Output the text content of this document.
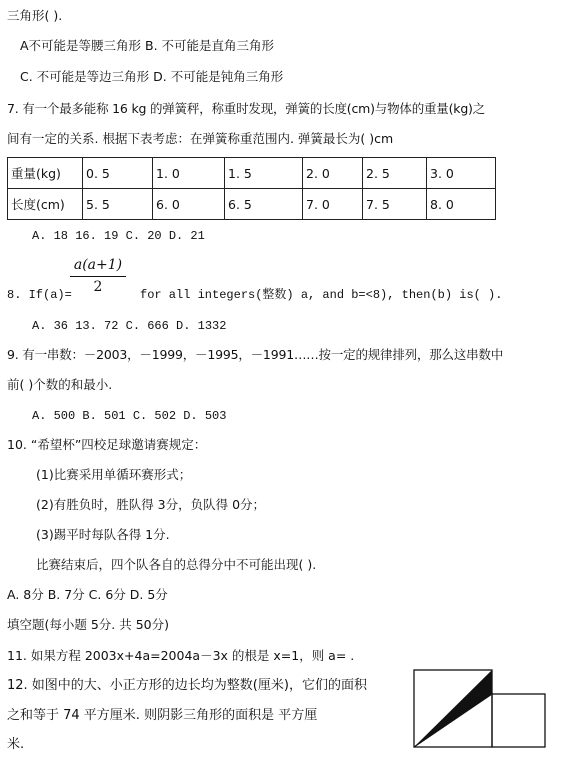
三角形( ).
A不可能是等腰三角形 B. 不可能是直角三角形
C. 不可能是等边三角形 D. 不可能是钝角三角形
7. 有一个最多能称 16 kg 的弹簧秤，称重时发现，弹簧的长度(cm)与物体的重量(kg)之
间有一定的关系. 根据下表考虑：在弹簧称重范围内. 弹簧最长为( )cm
重量(kg)	0. 5	1. 0	1. 5	2. 0	2. 5	3. 0
长度(cm)	5. 5	6. 0	6. 5	7. 0	7. 5	8. 0
A. 18 16. 19 C. 20 D. 21
$\frac{a(a+1)}{2}$
8. If(a)=	for all integers(整数) a, and b=<8), then(b) is( ).
A. 36 13. 72 C. 666 D. 1332
9. 有一串数：－2003，－1999，－1995，－1991……按一定的规律排列，那么这串数中
前( )个数的和最小.
A. 500 B. 501 C. 502 D. 503
10. “希望杯”四校足球邀请赛规定：
(1)比赛采用单循环赛形式；
(2)有胜负时，胜队得 3分，负队得 0分；
(3)踢平时每队各得 1分.
比赛结束后，四个队各自的总得分中不可能出现( ).
A. 8分 B. 7分 C. 6分 D. 5分
填空题(每小题 5分. 共 50分)
11. 如果方程 2003x+4a=2004a－3x 的根是 x=1，则 a= .
12. 如图中的大、小正方形的边长均为整数(厘米)，它们的面积
之和等于 74 平方厘米. 则阴影三角形的面积是 平方厘
米.
